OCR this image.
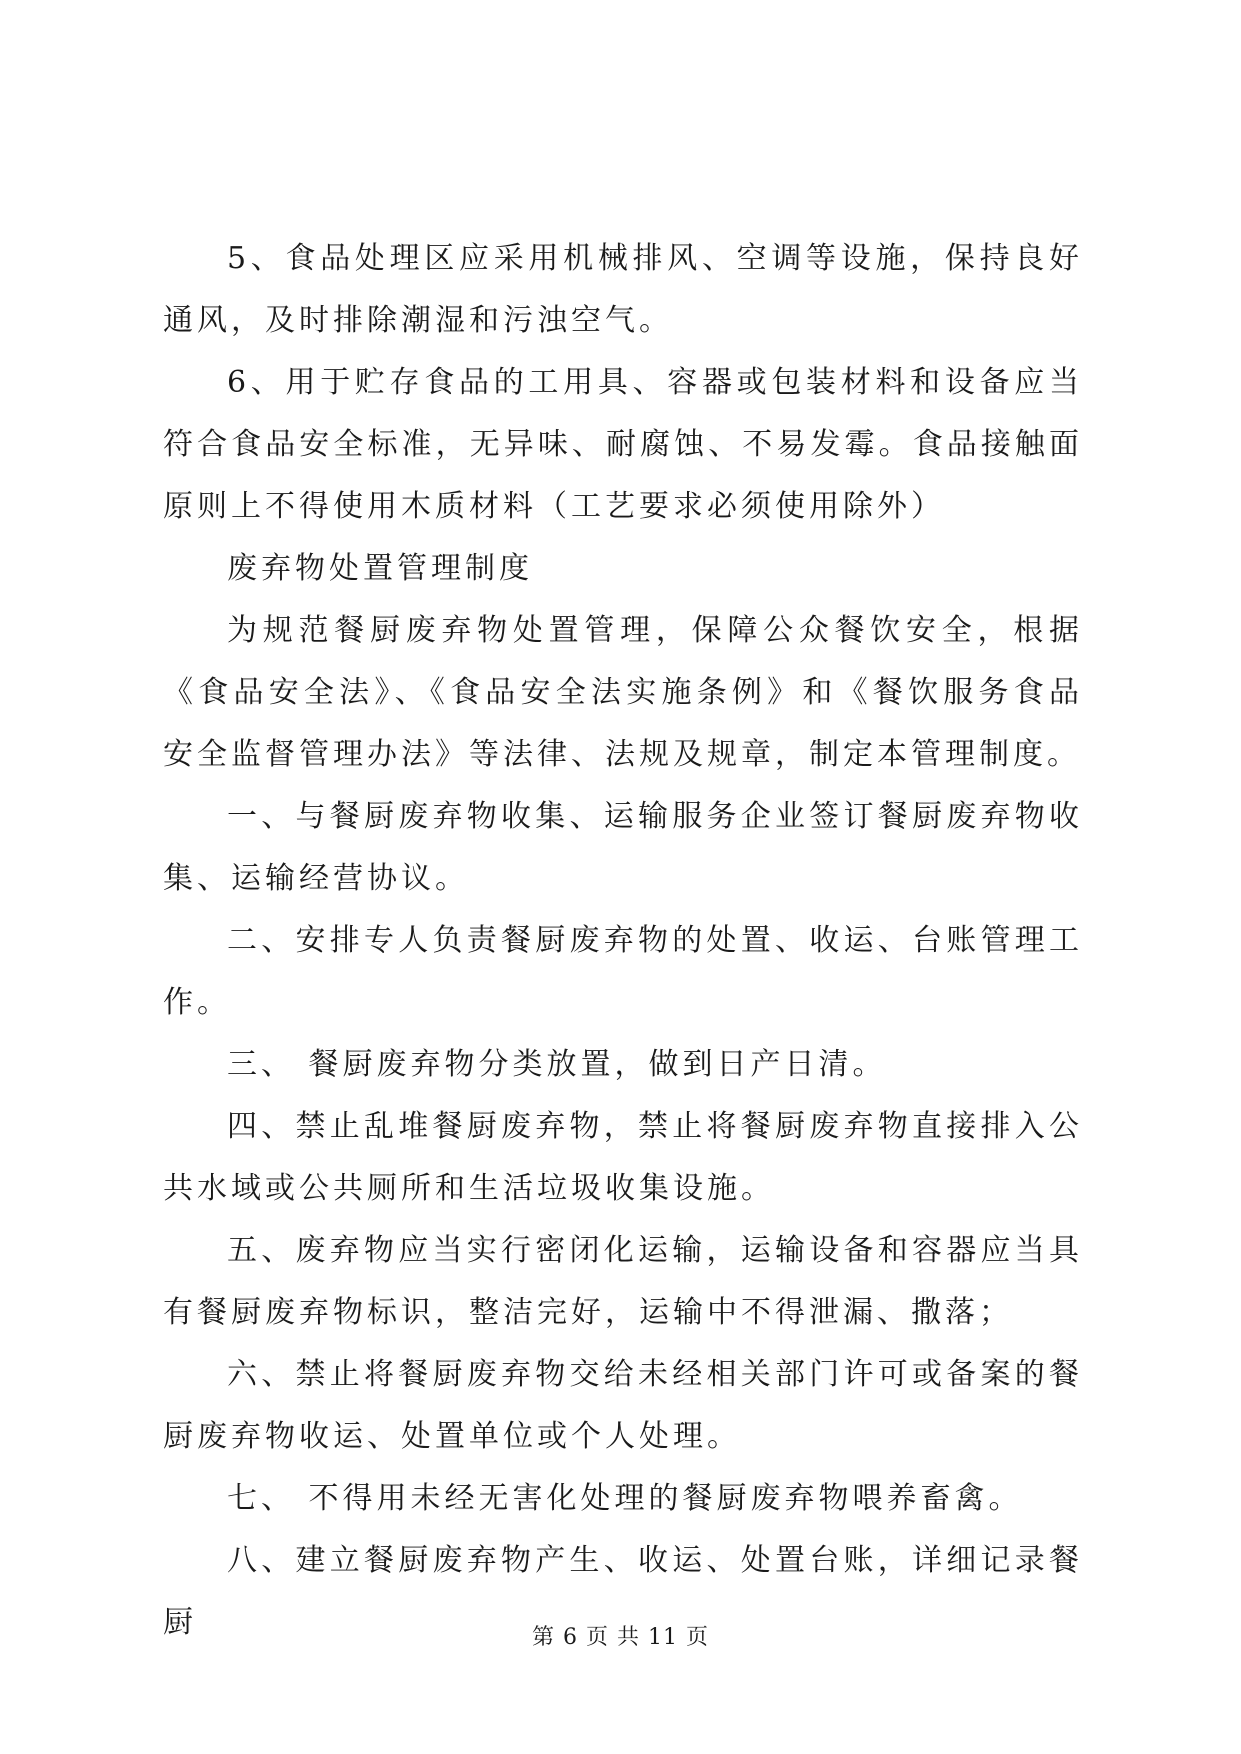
5、食品处理区应采用机械排风、空调等设施，保持良好通风，及时排除潮湿和污浊空气。

6、用于贮存食品的工用具、容器或包装材料和设备应当符合食品安全标准，无异味、耐腐蚀、不易发霉。食品接触面原则上不得使用木质材料（工艺要求必须使用除外）

废弃物处置管理制度

为规范餐厨废弃物处置管理，保障公众餐饮安全，根据《食品安全法》、《食品安全法实施条例》和《餐饮服务食品安全监督管理办法》等法律、法规及规章，制定本管理制度。

一、与餐厨废弃物收集、运输服务企业签订餐厨废弃物收集、运输经营协议。

二、安排专人负责餐厨废弃物的处置、收运、台账管理工作。

三、 餐厨废弃物分类放置，做到日产日清。

四、禁止乱堆餐厨废弃物，禁止将餐厨废弃物直接排入公共水域或公共厕所和生活垃圾收集设施。

五、废弃物应当实行密闭化运输，运输设备和容器应当具有餐厨废弃物标识，整洁完好，运输中不得泄漏、撒落；

六、禁止将餐厨废弃物交给未经相关部门许可或备案的餐厨废弃物收运、处置单位或个人处理。

七、 不得用未经无害化处理的餐厨废弃物喂养畜禽。

八、建立餐厨废弃物产生、收运、处置台账，详细记录餐厨	第 6 页 共 11 页
